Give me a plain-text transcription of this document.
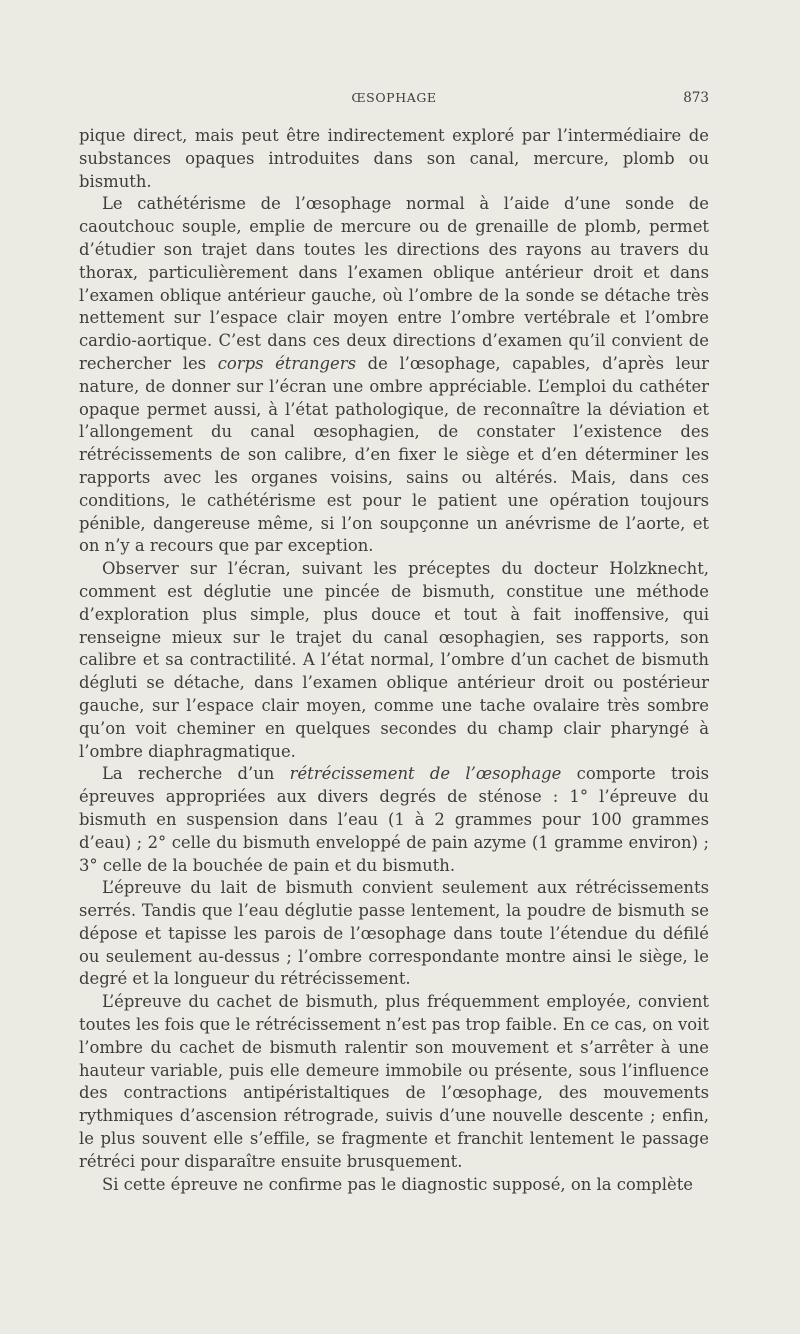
ŒSOPHAGE	873

pique direct, mais peut être indirectement exploré par l’intermédiaire de substances opaques introduites dans son canal, mercure, plomb ou bismuth.

Le cathétérisme de l’œsophage normal à l’aide d’une sonde de caoutchouc souple, emplie de mercure ou de grenaille de plomb, permet d’étudier son trajet dans toutes les directions des rayons au travers du thorax, particulièrement dans l’examen oblique antérieur droit et dans l’examen oblique antérieur gauche, où l’ombre de la sonde se détache très nettement sur l’espace clair moyen entre l’ombre vertébrale et l’ombre cardio-aortique. C’est dans ces deux directions d’examen qu’il convient de rechercher les corps étrangers de l’œsophage, capables, d’après leur nature, de donner sur l’écran une ombre appréciable. L’emploi du cathéter opaque permet aussi, à l’état pathologique, de reconnaître la déviation et l’allongement du canal œsophagien, de constater l’existence des rétrécissements de son calibre, d’en fixer le siège et d’en déterminer les rapports avec les organes voisins, sains ou altérés. Mais, dans ces conditions, le cathétérisme est pour le patient une opération toujours pénible, dangereuse même, si l’on soupçonne un anévrisme de l’aorte, et on n’y a recours que par exception.

Observer sur l’écran, suivant les préceptes du docteur Holzknecht, comment est déglutie une pincée de bismuth, constitue une méthode d’exploration plus simple, plus douce et tout à fait inoffensive, qui renseigne mieux sur le trajet du canal œsophagien, ses rapports, son calibre et sa contractilité. A l’état normal, l’ombre d’un cachet de bismuth dégluti se détache, dans l’examen oblique antérieur droit ou postérieur gauche, sur l’espace clair moyen, comme une tache ovalaire très sombre qu’on voit cheminer en quelques secondes du champ clair pharyngé à l’ombre diaphragmatique.

La recherche d’un rétrécissement de l’œsophage comporte trois épreuves appropriées aux divers degrés de sténose : 1° l’épreuve du bismuth en suspension dans l’eau (1 à 2 grammes pour 100 grammes d’eau) ; 2° celle du bismuth enveloppé de pain azyme (1 gramme environ) ; 3° celle de la bouchée de pain et du bismuth.

L’épreuve du lait de bismuth convient seulement aux rétrécissements serrés. Tandis que l’eau déglutie passe lentement, la poudre de bismuth se dépose et tapisse les parois de l’œsophage dans toute l’étendue du défilé ou seulement au-dessus ; l’ombre correspondante montre ainsi le siège, le degré et la longueur du rétrécissement.

L’épreuve du cachet de bismuth, plus fréquemment employée, convient toutes les fois que le rétrécissement n’est pas trop faible. En ce cas, on voit l’ombre du cachet de bismuth ralentir son mouvement et s’arrêter à une hauteur variable, puis elle demeure immobile ou présente, sous l’influence des contractions antipéristaltiques de l’œsophage, des mouvements rythmiques d’ascension rétrograde, suivis d’une nouvelle descente ; enfin, le plus souvent elle s’effile, se fragmente et franchit lentement le passage rétréci pour disparaître ensuite brusquement.

Si cette épreuve ne confirme pas le diagnostic supposé, on la complète
